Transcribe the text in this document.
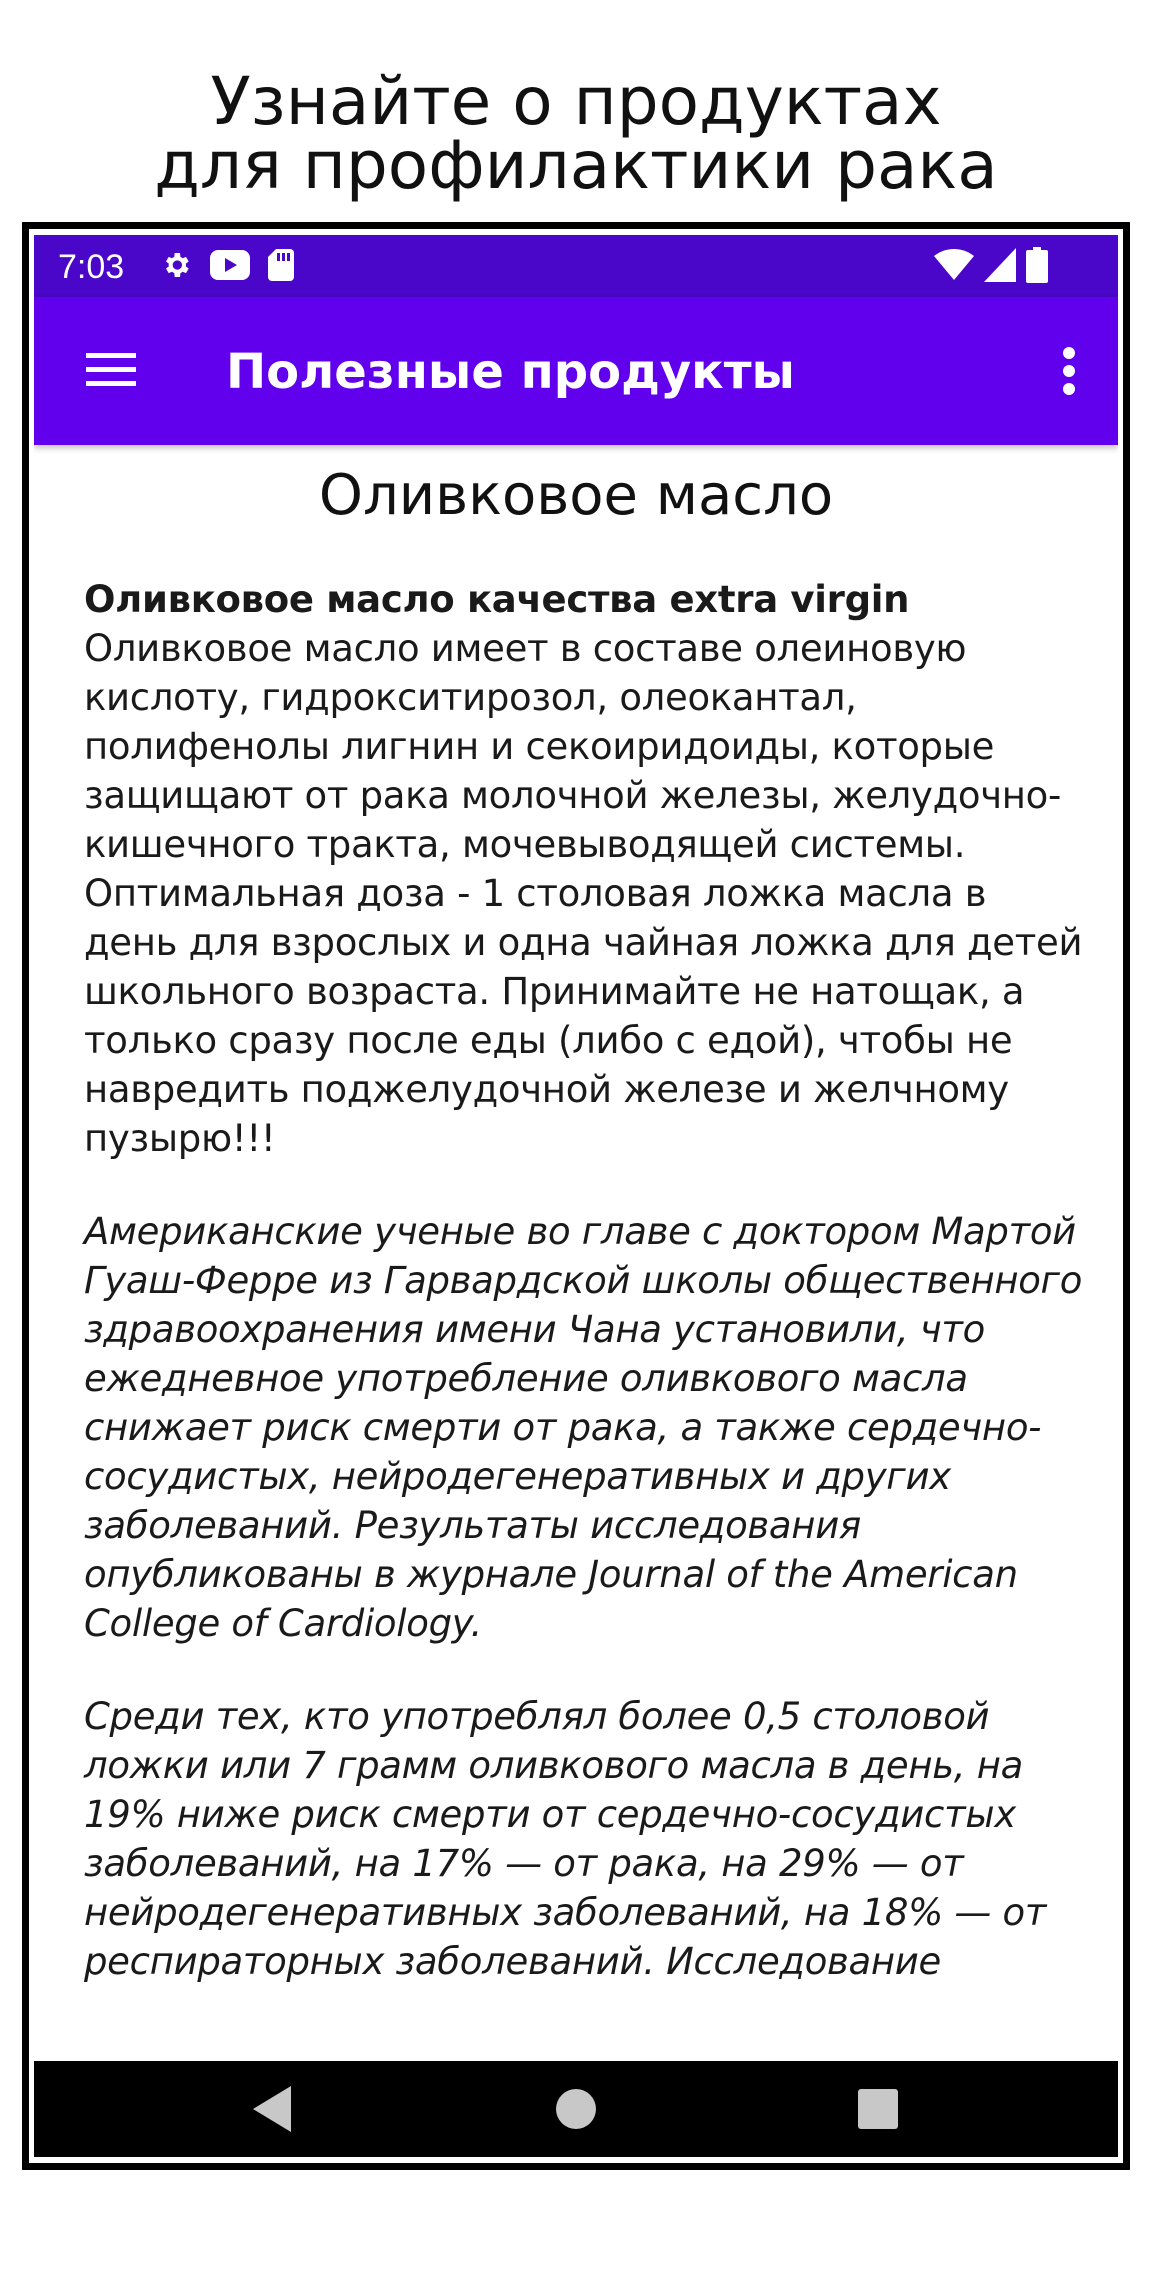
Узнайте о продуктах
для профилактики рака
7:03
Полезные продукты
Оливковое масло

Оливковое масло качества extra virgin
Оливковое масло имеет в составе олеиновую кислоту, гидрокситирозол, олеокантал, полифенолы лигнин и секоиридоиды, которые защищают от рака молочной железы, желудочно-кишечного тракта, мочевыводящей системы. Оптимальная доза - 1 столовая ложка масла в день для взрослых и одна чайная ложка для детей школьного возраста. Принимайте не натощак, а только сразу после еды (либо с едой), чтобы не навредить поджелудочной железе и желчному пузырю!!!

Американские ученые во главе с доктором Мартой Гуаш-Ферре из Гарвардской школы общественного здравоохранения имени Чана установили, что ежедневное употребление оливкового масла снижает риск смерти от рака, а также сердечно-сосудистых, нейродегенеративных и других заболеваний. Результаты исследования опубликованы в журнале Journal of the American College of Cardiology.

Среди тех, кто употреблял более 0,5 столовой ложки или 7 грамм оливкового масла в день, на 19% ниже риск смерти от сердечно-сосудистых заболеваний, на 17% — от рака, на 29% — от нейродегенеративных заболеваний, на 18% — от респираторных заболеваний. Исследование
